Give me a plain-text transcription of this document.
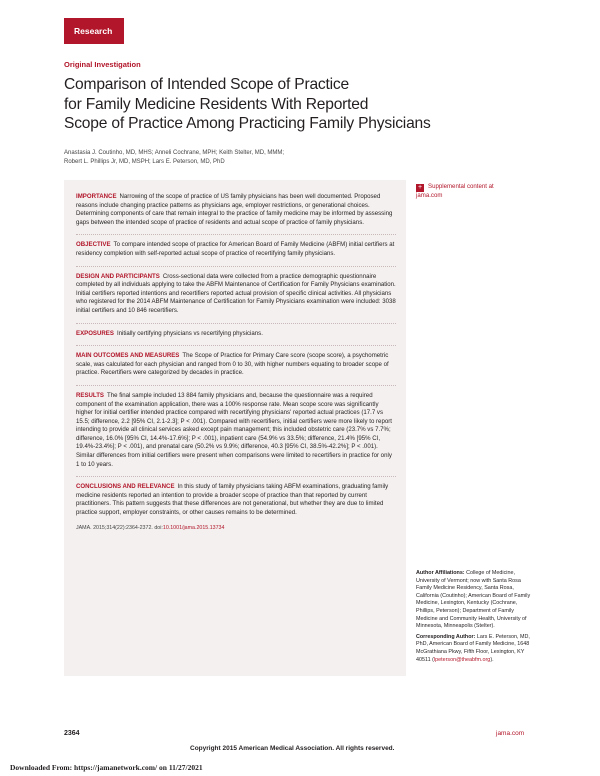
Research
Original Investigation
Comparison of Intended Scope of Practice
for Family Medicine Residents With Reported
Scope of Practice Among Practicing Family Physicians
Anastasia J. Coutinho, MD, MHS; Anneli Cochrane, MPH; Keith Stelter, MD, MMM;
Robert L. Phillips Jr, MD, MSPH; Lars E. Peterson, MD, PhD
IMPORTANCE Narrowing of the scope of practice of US family physicians has been well documented. Proposed reasons include changing practice patterns as physicians age, employer restrictions, or generational choices. Determining components of care that remain integral to the practice of family medicine may be informed by assessing gaps between the intended scope of practice of residents and actual scope of practice of family physicians.
OBJECTIVE To compare intended scope of practice for American Board of Family Medicine (ABFM) initial certifiers at residency completion with self-reported actual scope of practice of recertifying family physicians.
DESIGN AND PARTICIPANTS Cross-sectional data were collected from a practice demographic questionnaire completed by all individuals applying to take the ABFM Maintenance of Certification for Family Physicians examination. Initial certifiers reported intentions and recertifiers reported actual provision of specific clinical activities. All physicians who registered for the 2014 ABFM Maintenance of Certification for Family Physicians examination were included: 3038 initial certifiers and 10 846 recertifiers.
EXPOSURES Initially certifying physicians vs recertifying physicians.
MAIN OUTCOMES AND MEASURES The Scope of Practice for Primary Care score (scope score), a psychometric scale, was calculated for each physician and ranged from 0 to 30, with higher numbers equating to broader scope of practice. Recertifiers were categorized by decades in practice.
RESULTS The final sample included 13 884 family physicians and, because the questionnaire was a required component of the examination application, there was a 100% response rate. Mean scope score was significantly higher for initial certifier intended practice compared with recertifying physicians' reported actual practices (17.7 vs 15.5; difference, 2.2 [95% CI, 2.1-2.3]; P < .001). Compared with recertifiers, initial certifiers were more likely to report intending to provide all clinical services asked except pain management; this included obstetric care (23.7% vs 7.7%; difference, 16.0% [95% CI, 14.4%-17.6%]; P < .001), inpatient care (54.9% vs 33.5%; difference, 21.4% [95% CI, 19.4%-23.4%]; P < .001), and prenatal care (50.2% vs 9.9%; difference, 40.3 [95% CI, 38.5%-42.2%]; P < .001). Similar differences from initial certifiers were present when comparisons were limited to recertifiers in practice for only 1 to 10 years.
CONCLUSIONS AND RELEVANCE In this study of family physicians taking ABFM examinations, graduating family medicine residents reported an intention to provide a broader scope of practice than that reported by current practitioners. This pattern suggests that these differences are not generational, but whether they are due to limited practice support, employer constraints, or other causes remains to be determined.
JAMA. 2015;314(22):2364-2372. doi:10.1001/jama.2015.13734
+ Supplemental content at
jama.com
Author Affiliations: College of Medicine, University of Vermont; now with Santa Rosa Family Medicine Residency, Santa Rosa, California (Coutinho); American Board of Family Medicine, Lexington, Kentucky (Cochrane, Phillips, Peterson); Department of Family Medicine and Community Health, University of Minnesota, Minneapolis (Stelter).
Corresponding Author: Lars E. Peterson, MD, PhD, American Board of Family Medicine, 1648 McGrathiana Pkwy, Fifth Floor, Lexington, KY 40511 (lpeterson@theabfm.org).
2364	jama.com
Copyright 2015 American Medical Association. All rights reserved.
Downloaded From: https://jamanetwork.com/ on 11/27/2021
